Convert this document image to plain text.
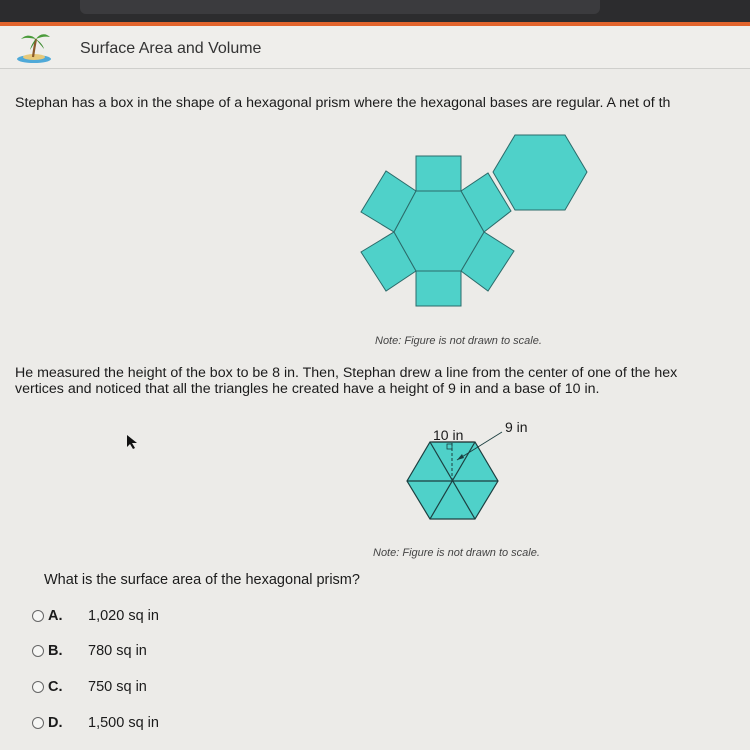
Surface Area and Volume
Stephan has a box in the shape of a hexagonal prism where the hexagonal bases are regular. A net of th
Note: Figure is not drawn to scale.
He measured the height of the box to be 8 in. Then, Stephan drew a line from the center of one of the hex
vertices and noticed that all the triangles he created have a height of 9 in and a base of 10 in.
10 in	9 in
Note: Figure is not drawn to scale.
What is the surface area of the hexagonal prism?
A.	1,020 sq in
B.	780 sq in
C.	750 sq in
D.	1,500 sq in
